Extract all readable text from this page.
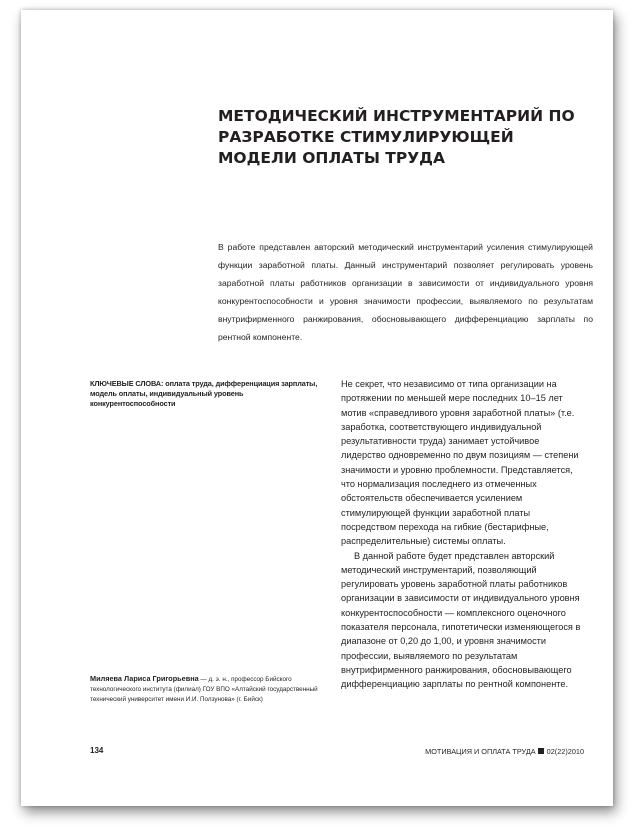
МЕТОДИЧЕСКИЙ ИНСТРУМЕНТАРИЙ ПО РАЗРАБОТКЕ СТИМУЛИРУЮЩЕЙ МОДЕЛИ ОПЛАТЫ ТРУДА

В работе представлен авторский методический инструментарий усиления стимулирующей функции заработной платы. Данный инструментарий позволяет регулировать уровень заработной платы работников организации в зависимости от индивидуального уровня конкурентоспособности и уровня значимости профессии, выявляемого по результатам внутрифирменного ранжирования, обосновывающего дифференциацию зарплаты по рентной компоненте.

КЛЮЧЕВЫЕ СЛОВА: оплата труда, дифференциация зарплаты, модель оплаты, индивидуальный уровень конкурентоспособности

Не секрет, что независимо от типа организации на протяжении по меньшей мере последних 10–15 лет мотив «справедливого уровня заработной платы» (т.е. заработка, соответствующего индивидуальной результативности труда) занимает устойчивое лидерство одновременно по двум позициям — степени значимости и уровню проблемности. Представляется, что нормализация последнего из отмеченных обстоятельств обеспечивается усилением стимулирующей функции заработной платы посредством перехода на гибкие (бестарифные, распределительные) системы оплаты.

В данной работе будет представлен авторский методический инструментарий, позволяющий регулировать уровень заработной платы работников организации в зависимости от индивидуального уровня конкурентоспособности — комплексного оценочного показателя персонала, гипотетически изменяющегося в диапазоне от 0,20 до 1,00, и уровня значимости профессии, выявляемого по результатам внутрифирменного ранжирования, обосновывающего дифференциацию зарплаты по рентной компоненте.

Миляева Лариса Григорьевна — д. э. н., профессор Бийского технологического института (филиал) ГОУ ВПО «Алтайский государственный технический университет имени И.И. Ползунова» (г. Бийск)

134	МОТИВАЦИЯ И ОПЛАТА ТРУДА 02(22)2010
